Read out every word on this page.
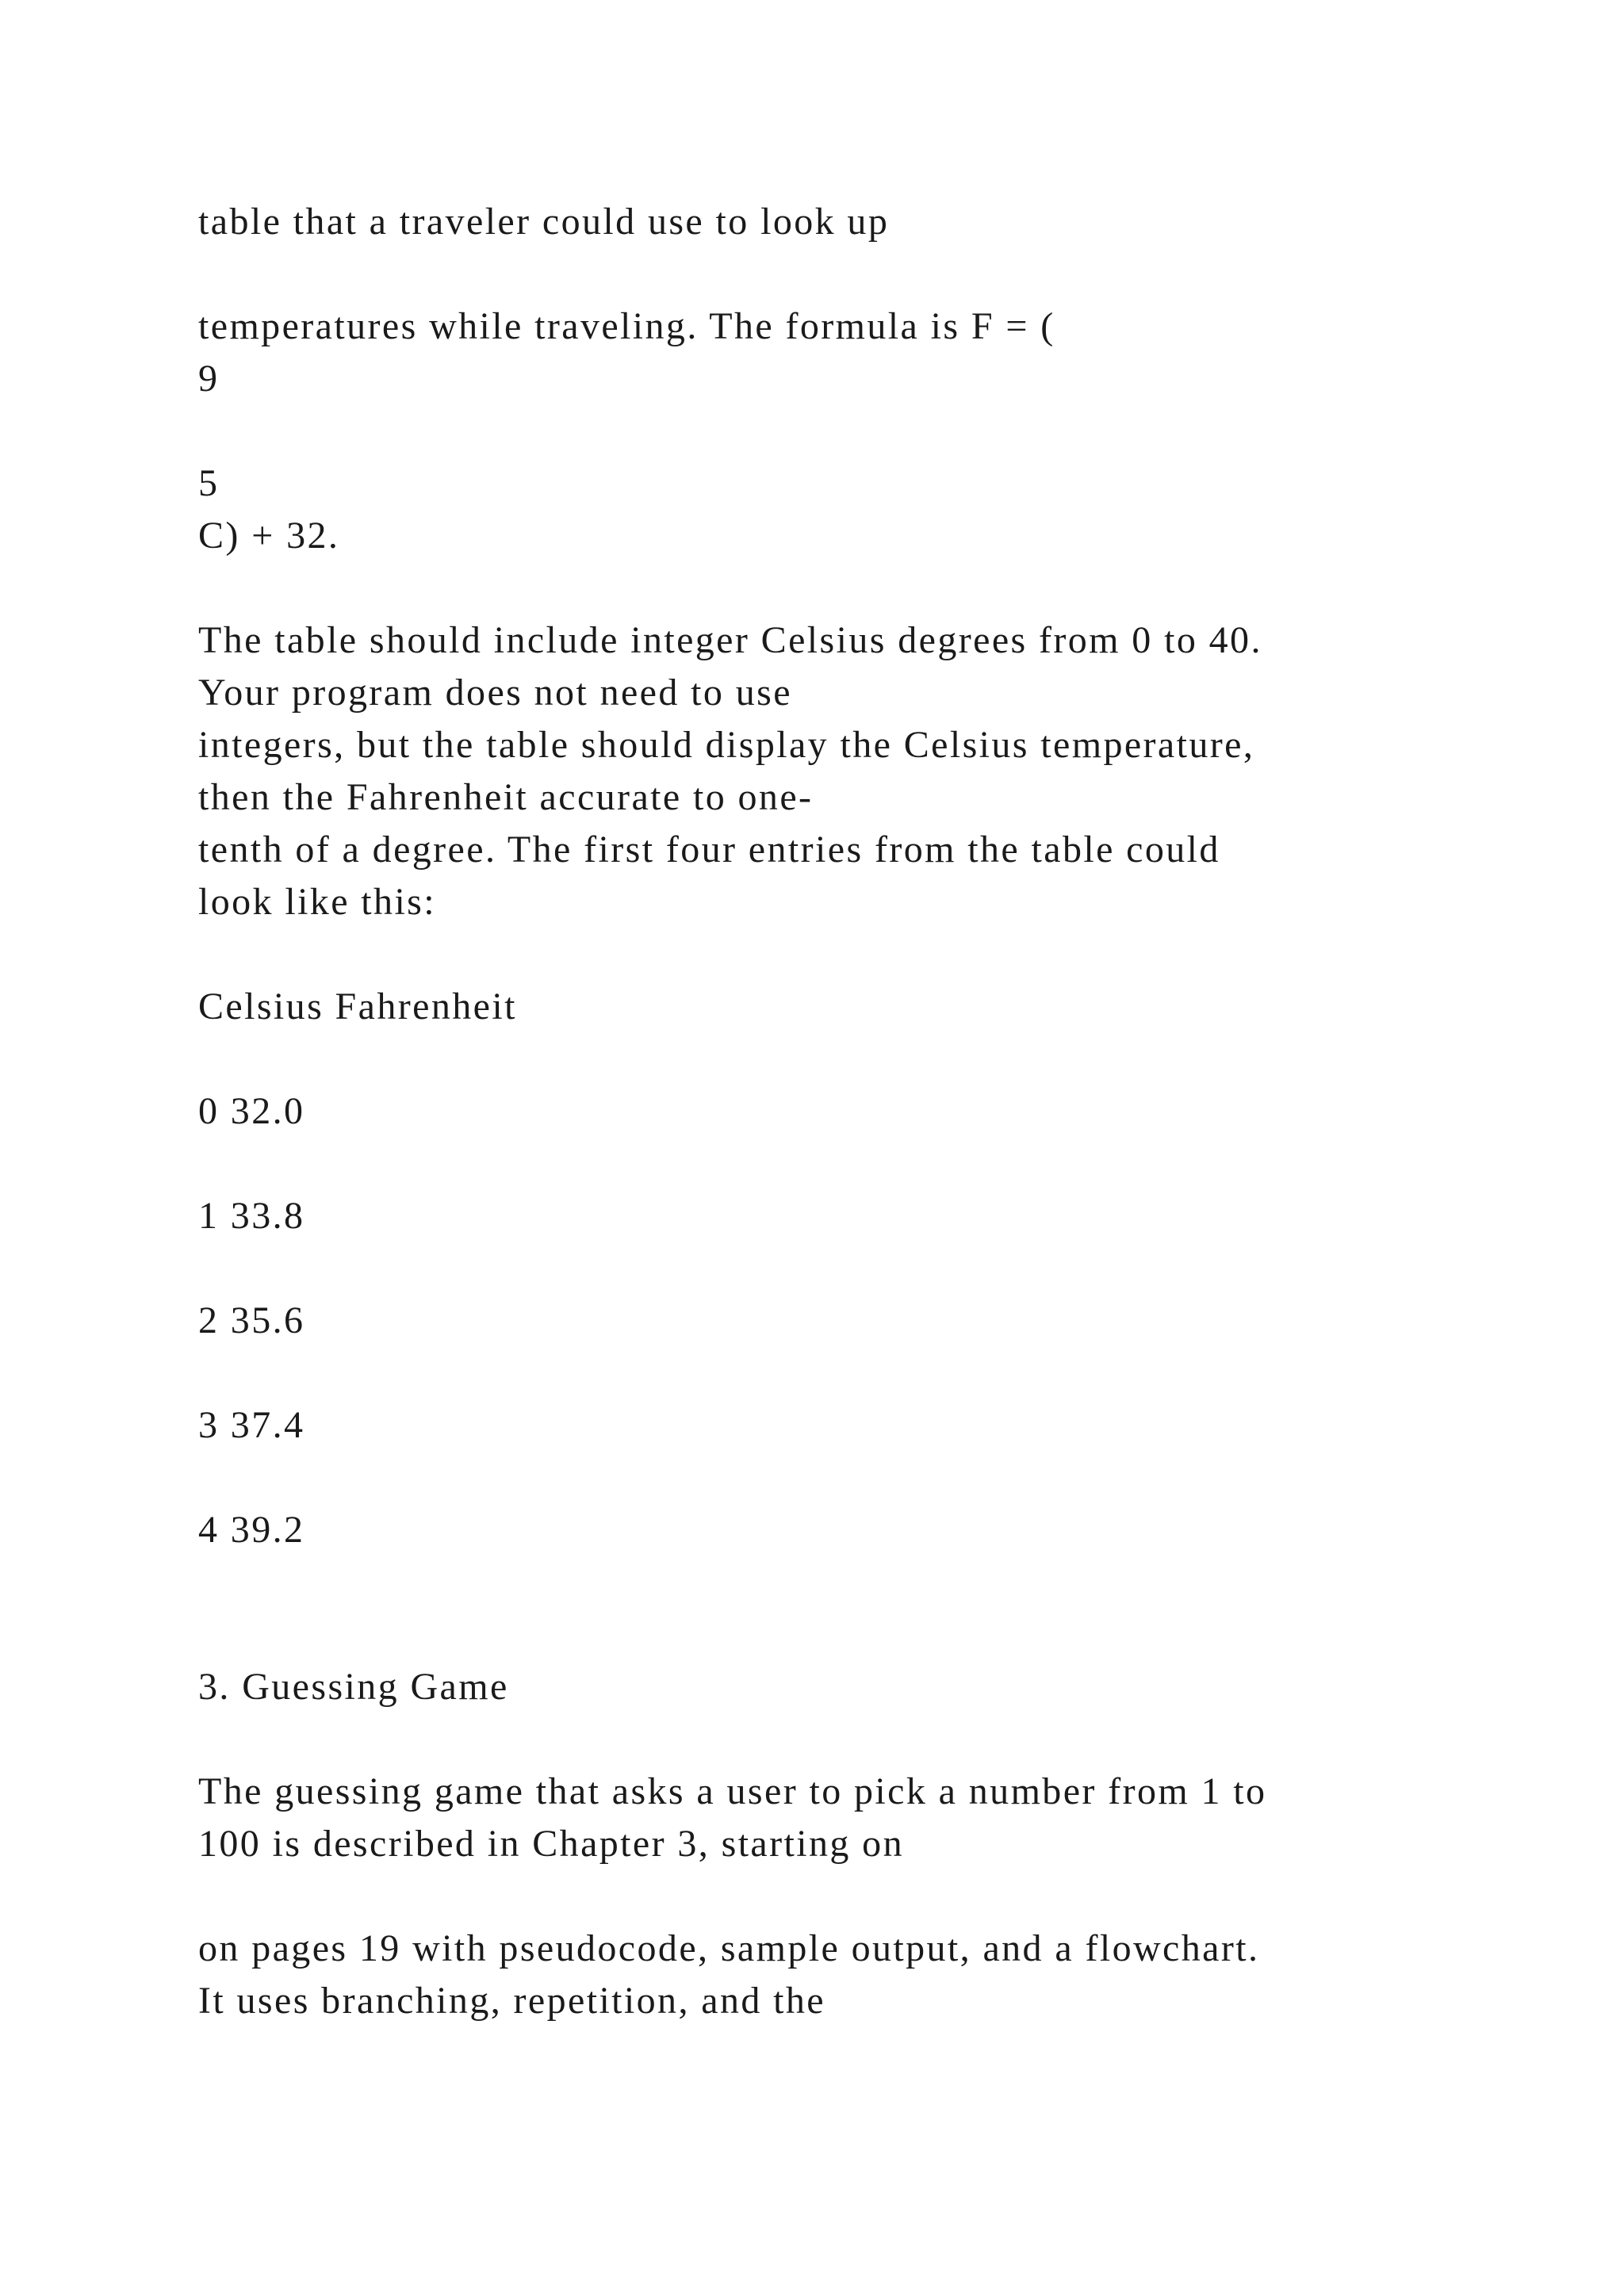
table that a traveler could use to look up

temperatures while traveling. The formula is F = (

9

5

C) + 32.

The table should include integer Celsius degrees from 0 to 40.

Your program does not need to use

integers, but the table should display the Celsius temperature,

then the Fahrenheit accurate to one-

tenth of a degree. The first four entries from the table could

look like this:

Celsius Fahrenheit

0 32.0

1 33.8

2 35.6

3 37.4

4 39.2

3. Guessing Game

The guessing game that asks a user to pick a number from 1 to

100 is described in Chapter 3, starting on

on pages 19 with pseudocode, sample output, and a flowchart.

It uses branching, repetition, and the
